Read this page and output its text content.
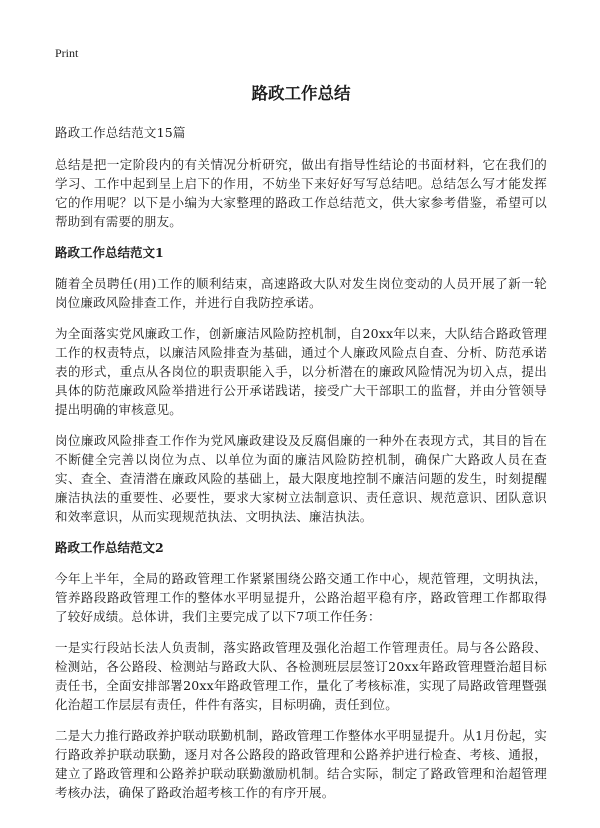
Print
路政工作总结

路政工作总结范文15篇

总结是把一定阶段内的有关情况分析研究，做出有指导性结论的书面材料，它在我们的学习、工作中起到呈上启下的作用，不妨坐下来好好写写总结吧。总结怎么写才能发挥它的作用呢？以下是小编为大家整理的路政工作总结范文，供大家参考借鉴，希望可以帮助到有需要的朋友。

路政工作总结范文1

随着全员聘任(用)工作的顺利结束，高速路政大队对发生岗位变动的人员开展了新一轮岗位廉政风险排查工作，并进行自我防控承诺。

为全面落实党风廉政工作，创新廉洁风险防控机制，自20xx年以来，大队结合路政管理工作的权责特点，以廉洁风险排查为基础，通过个人廉政风险点自查、分析、防范承诺表的形式，重点从各岗位的职责职能入手，以分析潜在的廉政风险情况为切入点，提出具体的防范廉政风险举措进行公开承诺践诺，接受广大干部职工的监督，并由分管领导提出明确的审核意见。

岗位廉政风险排查工作作为党风廉政建设及反腐倡廉的一种外在表现方式，其目的旨在不断健全完善以岗位为点、以单位为面的廉洁风险防控机制，确保广大路政人员在查实、查全、查清潜在廉政风险的基础上，最大限度地控制不廉洁问题的发生，时刻提醒廉洁执法的重要性、必要性，要求大家树立法制意识、责任意识、规范意识、团队意识和效率意识，从而实现规范执法、文明执法、廉洁执法。

路政工作总结范文2

今年上半年，全局的路政管理工作紧紧围绕公路交通工作中心，规范管理，文明执法，管养路段路政管理工作的整体水平明显提升，公路治超平稳有序，路政管理工作都取得了较好成绩。总体讲，我们主要完成了以下7项工作任务：

一是实行段站长法人负责制，落实路政管理及强化治超工作管理责任。局与各公路段、检测站，各公路段、检测站与路政大队、各检测班层层签订20xx年路政管理暨治超目标责任书，全面安排部署20xx年路政管理工作，量化了考核标准，实现了局路政管理暨强化治超工作层层有责任，件件有落实，目标明确，责任到位。

二是大力推行路政养护联动联勤机制，路政管理工作整体水平明显提升。从1月份起，实行路政养护联动联勤，逐月对各公路段的路政管理和公路养护进行检查、考核、通报，建立了路政管理和公路养护联动联勤激励机制。结合实际，制定了路政管理和治超管理考核办法，确保了路政治超考核工作的有序开展。
